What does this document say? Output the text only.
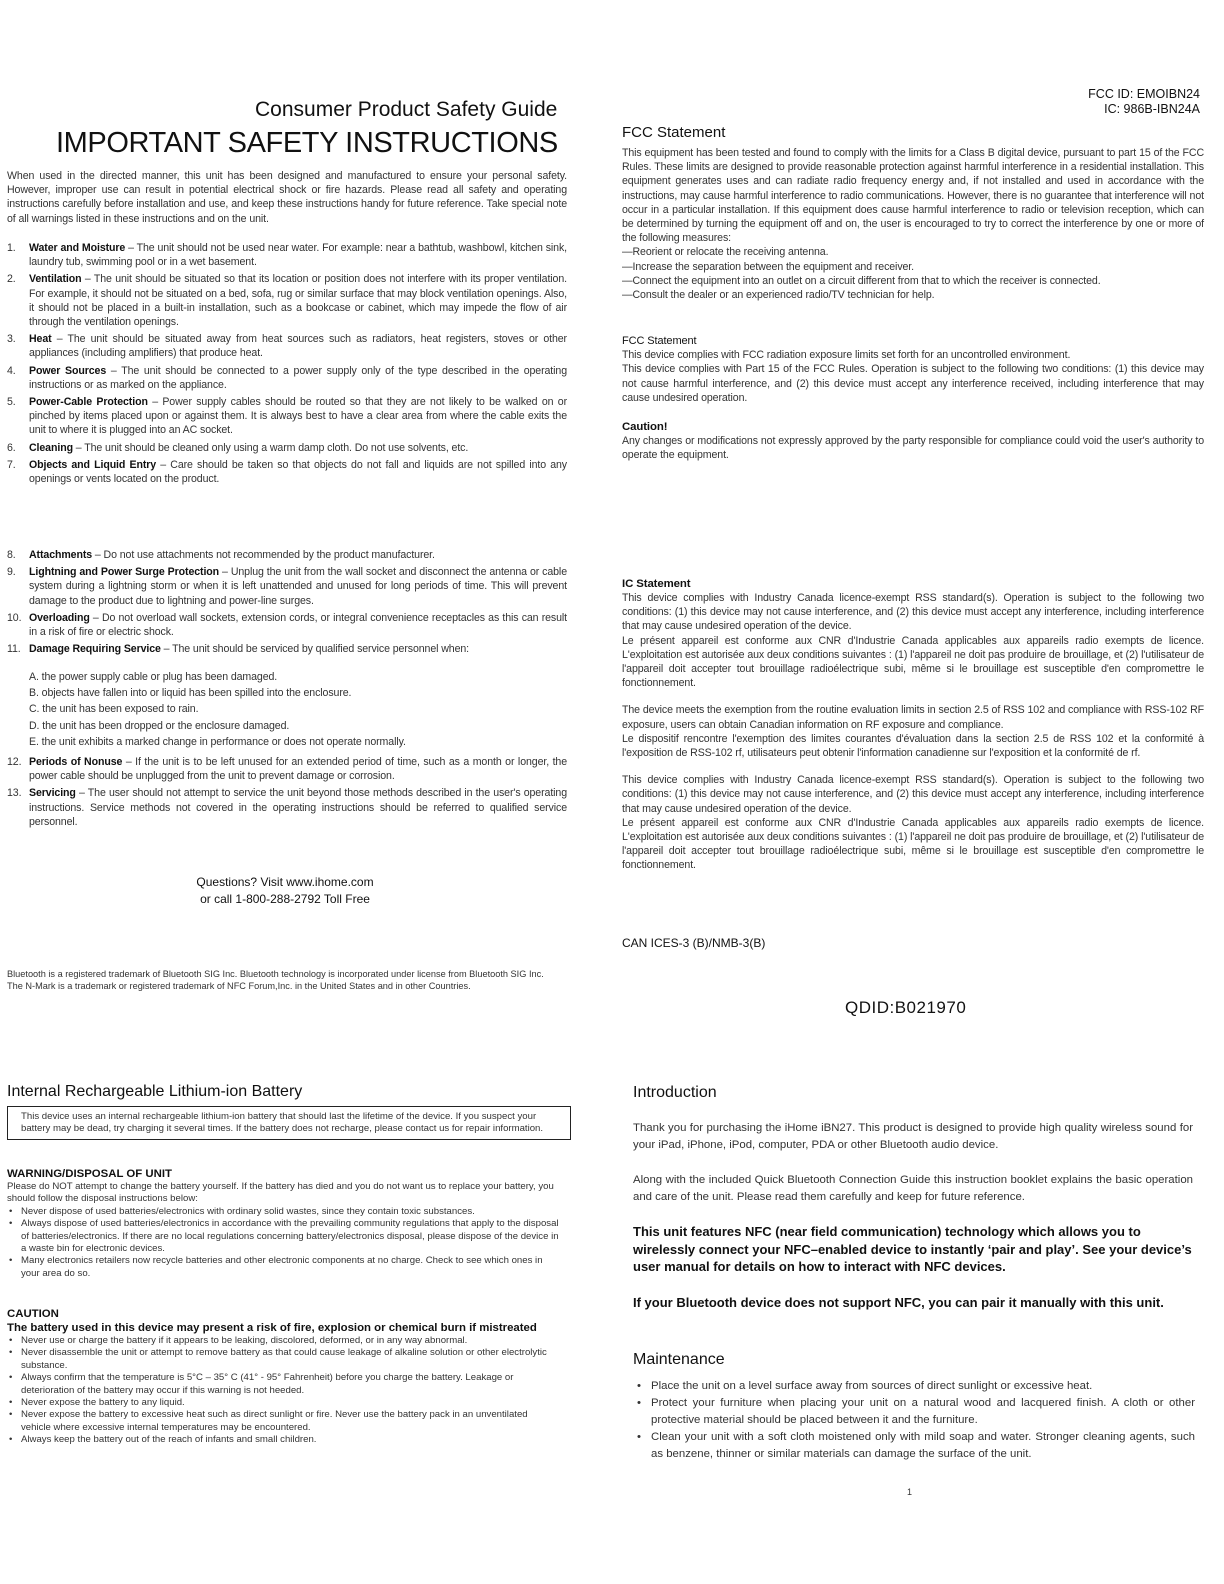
Consumer Product Safety Guide
IMPORTANT SAFETY INSTRUCTIONS
When used in the directed manner, this unit has been designed and manufactured to ensure your personal safety. However, improper use can result in potential electrical shock or fire hazards. Please read all safety and operating instructions carefully before installation and use, and keep these instructions handy for future reference. Take special note of all warnings listed in these instructions and on the unit.
1. Water and Moisture – The unit should not be used near water. For example: near a bathtub, washbowl, kitchen sink, laundry tub, swimming pool or in a wet basement.
2. Ventilation – The unit should be situated so that its location or position does not interfere with its proper ventilation. For example, it should not be situated on a bed, sofa, rug or similar surface that may block ventilation openings. Also, it should not be placed in a built-in installation, such as a bookcase or cabinet, which may impede the flow of air through the ventilation openings.
3. Heat – The unit should be situated away from heat sources such as radiators, heat registers, stoves or other appliances (including amplifiers) that produce heat.
4. Power Sources – The unit should be connected to a power supply only of the type described in the operating instructions or as marked on the appliance.
5. Power-Cable Protection – Power supply cables should be routed so that they are not likely to be walked on or pinched by items placed upon or against them. It is always best to have a clear area from where the cable exits the unit to where it is plugged into an AC socket.
6. Cleaning – The unit should be cleaned only using a warm damp cloth. Do not use solvents, etc.
7. Objects and Liquid Entry – Care should be taken so that objects do not fall and liquids are not spilled into any openings or vents located on the product.
8. Attachments – Do not use attachments not recommended by the product manufacturer.
9. Lightning and Power Surge Protection – Unplug the unit from the wall socket and disconnect the antenna or cable system during a lightning storm or when it is left unattended and unused for long periods of time. This will prevent damage to the product due to lightning and power-line surges.
10. Overloading – Do not overload wall sockets, extension cords, or integral convenience receptacles as this can result in a risk of fire or electric shock.
11. Damage Requiring Service – The unit should be serviced by qualified service personnel when:
A. the power supply cable or plug has been damaged.
B. objects have fallen into or liquid has been spilled into the enclosure.
C. the unit has been exposed to rain.
D. the unit has been dropped or the enclosure damaged.
E. the unit exhibits a marked change in performance or does not operate normally.
12. Periods of Nonuse – If the unit is to be left unused for an extended period of time, such as a month or longer, the power cable should be unplugged from the unit to prevent damage or corrosion.
13. Servicing – The user should not attempt to service the unit beyond those methods described in the user's operating instructions. Service methods not covered in the operating instructions should be referred to qualified service personnel.
Questions? Visit www.ihome.com
or call 1-800-288-2792 Toll Free
Bluetooth is a registered trademark of Bluetooth SIG Inc. Bluetooth technology is incorporated under license from Bluetooth SIG Inc.
The N-Mark is a trademark or registered trademark of NFC Forum,Inc. in the United States and in other Countries.
FCC ID: EMOIBN24
IC: 986B-IBN24A
FCC Statement
This equipment has been tested and found to comply with the limits for a Class B digital device, pursuant to part 15 of the FCC Rules. These limits are designed to provide reasonable protection against harmful interference in a residential installation. This equipment generates uses and can radiate radio frequency energy and, if not installed and used in accordance with the instructions, may cause harmful interference to radio communications. However, there is no guarantee that interference will not occur in a particular installation. If this equipment does cause harmful interference to radio or television reception, which can be determined by turning the equipment off and on, the user is encouraged to try to correct the interference by one or more of the following measures:
—Reorient or relocate the receiving antenna.
—Increase the separation between the equipment and receiver.
—Connect the equipment into an outlet on a circuit different from that to which the receiver is connected.
—Consult the dealer or an experienced radio/TV technician for help.
FCC Statement
This device complies with FCC radiation exposure limits set forth for an uncontrolled environment.
This device complies with Part 15 of the FCC Rules. Operation is subject to the following two conditions: (1) this device may not cause harmful interference, and (2) this device must accept any interference received, including interference that may cause undesired operation.
Caution!
Any changes or modifications not expressly approved by the party responsible for compliance could void the user's authority to operate the equipment.
IC Statement
This device complies with Industry Canada licence-exempt RSS standard(s). Operation is subject to the following two conditions: (1) this device may not cause interference, and (2) this device must accept any interference, including interference that may cause undesired operation of the device.
Le présent appareil est conforme aux CNR d'Industrie Canada applicables aux appareils radio exempts de licence. L'exploitation est autorisée aux deux conditions suivantes : (1) l'appareil ne doit pas produire de brouillage, et (2) l'utilisateur de l'appareil doit accepter tout brouillage radioélectrique subi, même si le brouillage est susceptible d'en compromettre le fonctionnement.
The device meets the exemption from the routine evaluation limits in section 2.5 of RSS 102 and compliance with RSS-102 RF exposure, users can obtain Canadian information on RF exposure and compliance.
Le dispositif rencontre l'exemption des limites courantes d'évaluation dans la section 2.5 de RSS 102 et la conformité à l'exposition de RSS-102 rf, utilisateurs peut obtenir l'information canadienne sur l'exposition et la conformité de rf.
This device complies with Industry Canada licence-exempt RSS standard(s). Operation is subject to the following two conditions: (1) this device may not cause interference, and (2) this device must accept any interference, including interference that may cause undesired operation of the device.
Le présent appareil est conforme aux CNR d'Industrie Canada applicables aux appareils radio exempts de licence. L'exploitation est autorisée aux deux conditions suivantes : (1) l'appareil ne doit pas produire de brouillage, et (2) l'utilisateur de l'appareil doit accepter tout brouillage radioélectrique subi, même si le brouillage est susceptible d'en compromettre le fonctionnement.
CAN ICES-3 (B)/NMB-3(B)
QDID:B021970
Internal Rechargeable Lithium-ion Battery
This device uses an internal rechargeable lithium-ion battery that should last the lifetime of the device. If you suspect your battery may be dead, try charging it several times. If the battery does not recharge, please contact us for repair information.
WARNING/DISPOSAL OF UNIT
Please do NOT attempt to change the battery yourself. If the battery has died and you do not want us to replace your battery, you should follow the disposal instructions below:
• Never dispose of used batteries/electronics with ordinary solid wastes, since they contain toxic substances.
• Always dispose of used batteries/electronics in accordance with the prevailing community regulations that apply to the disposal of batteries/electronics. If there are no local regulations concerning battery/electronics disposal, please dispose of the device in a waste bin for electronic devices.
• Many electronics retailers now recycle batteries and other electronic components at no charge. Check to see which ones in your area do so.
CAUTION
The battery used in this device may present a risk of fire, explosion or chemical burn if mistreated
• Never use or charge the battery if it appears to be leaking, discolored, deformed, or in any way abnormal.
• Never disassemble the unit or attempt to remove battery as that could cause leakage of alkaline solution or other electrolytic substance.
• Always confirm that the temperature is 5°C – 35° C (41° - 95° Fahrenheit) before you charge the battery. Leakage or deterioration of the battery may occur if this warning is not heeded.
• Never expose the battery to any liquid.
• Never expose the battery to excessive heat such as direct sunlight or fire. Never use the battery pack in an unventilated vehicle where excessive internal temperatures may be encountered.
• Always keep the battery out of the reach of infants and small children.
Introduction

Thank you for purchasing the iHome iBN27. This product is designed to provide high quality wireless sound for your iPad, iPhone, iPod, computer, PDA or other Bluetooth audio device.

Along with the included Quick Bluetooth Connection Guide this instruction booklet explains the basic operation and care of the unit. Please read them carefully and keep for future reference.

This unit features NFC (near field communication) technology which allows you to wirelessly connect your NFC–enabled device to instantly ‘pair and play’. See your device’s user manual for details on how to interact with NFC devices.

If your Bluetooth device does not support NFC, you can pair it manually with this unit.

Maintenance
• Place the unit on a level surface away from sources of direct sunlight or excessive heat.
• Protect your furniture when placing your unit on a natural wood and lacquered finish. A cloth or other protective material should be placed between it and the furniture.
• Clean your unit with a soft cloth moistened only with mild soap and water. Stronger cleaning agents, such as benzene, thinner or similar materials can damage the surface of the unit.
1
